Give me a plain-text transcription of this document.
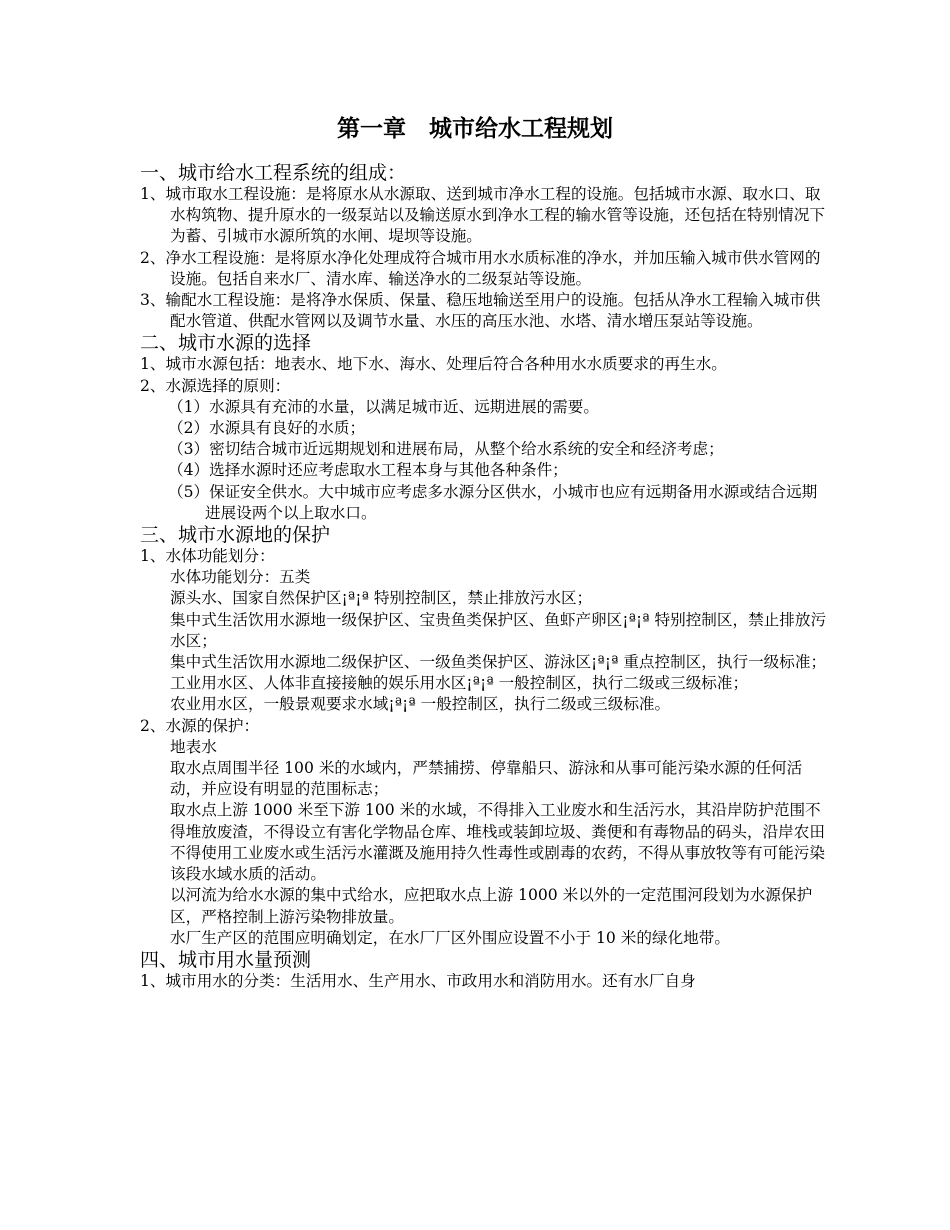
第一章　城市给水工程规划
一、城市给水工程系统的组成：
1、城市取水工程设施：是将原水从水源取、送到城市净水工程的设施。包括城市水源、取水口、取水构筑物、提升原水的一级泵站以及输送原水到净水工程的输水管等设施，还包括在特别情况下为蓄、引城市水源所筑的水闸、堤坝等设施。
2、净水工程设施：是将原水净化处理成符合城市用水水质标准的净水，并加压输入城市供水管网的设施。包括自来水厂、清水库、输送净水的二级泵站等设施。
3、输配水工程设施：是将净水保质、保量、稳压地输送至用户的设施。包括从净水工程输入城市供配水管道、供配水管网以及调节水量、水压的高压水池、水塔、清水增压泵站等设施。
二、城市水源的选择
1、城市水源包括：地表水、地下水、海水、处理后符合各种用水水质要求的再生水。
2、水源选择的原则：
（1）水源具有充沛的水量，以满足城市近、远期进展的需要。
（2）水源具有良好的水质；
（3）密切结合城市近远期规划和进展布局，从整个给水系统的安全和经济考虑；
（4）选择水源时还应考虑取水工程本身与其他各种条件；
（5）保证安全供水。大中城市应考虑多水源分区供水，小城市也应有远期备用水源或结合远期进展设两个以上取水口。
三、城市水源地的保护
1、水体功能划分：
水体功能划分：五类
源头水、国家自然保护区¡ª¡ª 特别控制区，禁止排放污水区；
集中式生活饮用水源地一级保护区、宝贵鱼类保护区、鱼虾产卵区¡ª¡ª 特别控制区，禁止排放污水区；
集中式生活饮用水源地二级保护区、一级鱼类保护区、游泳区¡ª¡ª 重点控制区，执行一级标准；
工业用水区、人体非直接接触的娱乐用水区¡ª¡ª 一般控制区，执行二级或三级标准；
农业用水区，一般景观要求水域¡ª¡ª 一般控制区，执行二级或三级标准。
2、水源的保护：
地表水
取水点周围半径 100 米的水域内，严禁捕捞、停靠船只、游泳和从事可能污染水源的任何活动，并应设有明显的范围标志；
取水点上游 1000 米至下游 100 米的水域，不得排入工业废水和生活污水，其沿岸防护范围不得堆放废渣，不得设立有害化学物品仓库、堆栈或装卸垃圾、粪便和有毒物品的码头，沿岸农田不得使用工业废水或生活污水灌溉及施用持久性毒性或剧毒的农药，不得从事放牧等有可能污染该段水域水质的活动。
以河流为给水水源的集中式给水，应把取水点上游 1000 米以外的一定范围河段划为水源保护区，严格控制上游污染物排放量。
水厂生产区的范围应明确划定，在水厂厂区外围应设置不小于 10 米的绿化地带。
四、城市用水量预测
1、城市用水的分类：生活用水、生产用水、市政用水和消防用水。还有水厂自身
